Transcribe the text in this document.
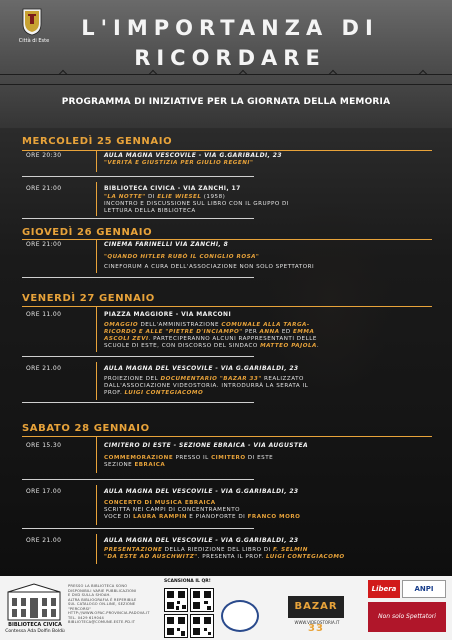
Città di Este
L'IMPORTANZA DI
RICORDARE
PROGRAMMA DI INIZIATIVE PER LA GIORNATA DELLA MEMORIA
MERCOLEDÌ 25 GENNAIO
ORE 20:30	AULA MAGNA VESCOVILE - VIA G.GARIBALDI, 23
"VERITÀ E GIUSTIZIA PER GIULIO REGENI"
ORE 21:00	BIBLIOTECA CIVICA - VIA ZANCHI, 17
"LA NOTTE" DI ELIE WIESEL (1958)
INCONTRO E DISCUSSIONE SUL LIBRO CON IL GRUPPO DI
LETTURA DELLA BIBLIOTECA
GIOVEDÌ 26 GENNAIO
ORE 21:00	CINEMA FARINELLI VIA ZANCHI, 8
"QUANDO HITLER RUBÒ IL CONIGLIO ROSA"
CINEFORUM A CURA DELL'ASSOCIAZIONE NON SOLO SPETTATORI
VENERDÌ 27 GENNAIO
ORE 11.00	PIAZZA MAGGIORE - VIA MARCONI
OMAGGIO DELL'AMMINISTRAZIONE COMUNALE ALLA TARGA-
RICORDO E ALLE "PIETRE D'INCIAMPO" PER ANNA ED EMMA
ASCOLI ZEVI. PARTECIPERANNO ALCUNI RAPPRESENTANTI DELLE
SCUOLE DI ESTE, CON DISCORSO DEL SINDACO MATTEO PAJOLA.
ORE 21.00	AULA MAGNA DEL VESCOVILE - VIA G.GARIBALDI, 23
PROIEZIONE DEL DOCUMENTARIO "BAZAR 33" REALIZZATO
DALL'ASSOCIAZIONE VIDEOSTORIA. INTRODURRÀ LA SERATA IL
PROF. LUIGI CONTEGIACOMO
SABATO 28 GENNAIO
ORE 15.30	CIMITERO DI ESTE - SEZIONE EBRAICA - VIA AUGUSTEA
COMMEMORAZIONE PRESSO IL CIMITERO DI ESTE
SEZIONE EBRAICA
ORE 17.00	AULA MAGNA DEL VESCOVILE - VIA G.GARIBALDI, 23
CONCERTO DI MUSICA EBRAICA
SCRITTA NEI CAMPI DI CONCENTRAMENTO
VOCE DI LAURA RAMPIN E PIANOFORTE DI FRANCO MORO
ORE 21.00	AULA MAGNA DEL VESCOVILE - VIA G.GARIBALDI, 23
PRESENTAZIONE DELLA RIEDIZIONE DEL LIBRO DI F. SELMIN
"DA ESTE AD AUSCHWITZ". PRESENTA IL PROF. LUIGI CONTEGIACOMO
BIBLIOTECA CIVICA
Contessa Ada Dolfin Boldù
PRESSO LA BIBLIOTECA SONO
DISPONIBILI VARIE PUBBLICAZIONI
E DVD SULLA SHOAH.
ALTRA BIBLIOGRAFIA È REPERIBILE
SUL CATALOGO ON-LINE, SEZIONE
"PERCORSI"
HTTP://WWW.OPAC.PROVINCIA.PADOVA.IT
TEL. 0429 619044
BIBLIOTECA@COMUNE.ESTE.PD.IT
SCANSIONA IL QR!
BAZAR 33
WWW.VIDEOSTORIA.IT
Libera	ANPI
Non solo Spettatori
